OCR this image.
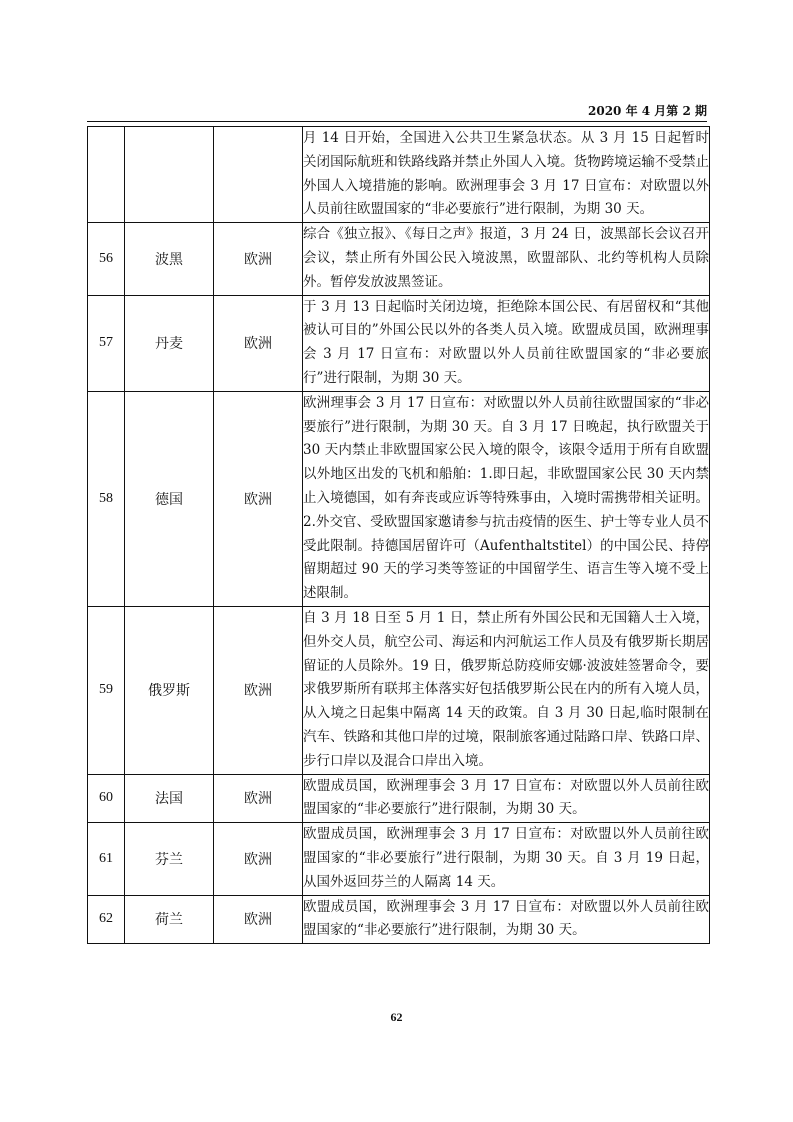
2020 年 4 月第 2 期
			月 14 日开始，全国进入公共卫生紧急状态。从 3 月 15 日起暂时关闭国际航班和铁路线路并禁止外国人入境。货物跨境运输不受禁止外国人入境措施的影响。欧洲理事会 3 月 17 日宣布：对欧盟以外人员前往欧盟国家的“非必要旅行”进行限制，为期 30 天。
56	波黑	欧洲	综合《独立报》、《每日之声》报道，3 月 24 日，波黑部长会议召开会议，禁止所有外国公民入境波黑，欧盟部队、北约等机构人员除外。暂停发放波黑签证。
57	丹麦	欧洲	于 3 月 13 日起临时关闭边境，拒绝除本国公民、有居留权和“其他被认可目的”外国公民以外的各类人员入境。欧盟成员国，欧洲理事会 3 月 17 日宣布：对欧盟以外人员前往欧盟国家的“非必要旅行”进行限制，为期 30 天。
58	德国	欧洲	欧洲理事会 3 月 17 日宣布：对欧盟以外人员前往欧盟国家的“非必要旅行”进行限制，为期 30 天。自 3 月 17 日晚起，执行欧盟关于 30 天内禁止非欧盟国家公民入境的限令，该限令适用于所有自欧盟以外地区出发的飞机和船舶：1.即日起，非欧盟国家公民 30 天内禁止入境德国，如有奔丧或应诉等特殊事由，入境时需携带相关证明。2.外交官、受欧盟国家邀请参与抗击疫情的医生、护士等专业人员不受此限制。持德国居留许可（Aufenthaltstitel）的中国公民、持停留期超过 90 天的学习类等签证的中国留学生、语言生等入境不受上述限制。
59	俄罗斯	欧洲	自 3 月 18 日至 5 月 1 日，禁止所有外国公民和无国籍人士入境，但外交人员，航空公司、海运和内河航运工作人员及有俄罗斯长期居留证的人员除外。19 日，俄罗斯总防疫师安娜·波波娃签署命令，要求俄罗斯所有联邦主体落实好包括俄罗斯公民在内的所有入境人员，从入境之日起集中隔离 14 天的政策。自 3 月 30 日起,临时限制在汽车、铁路和其他口岸的过境，限制旅客通过陆路口岸、铁路口岸、步行口岸以及混合口岸出入境。
60	法国	欧洲	欧盟成员国，欧洲理事会 3 月 17 日宣布：对欧盟以外人员前往欧盟国家的“非必要旅行”进行限制，为期 30 天。
61	芬兰	欧洲	欧盟成员国，欧洲理事会 3 月 17 日宣布：对欧盟以外人员前往欧盟国家的“非必要旅行”进行限制，为期 30 天。自 3 月 19 日起，从国外返回芬兰的人隔离 14 天。
62	荷兰	欧洲	欧盟成员国，欧洲理事会 3 月 17 日宣布：对欧盟以外人员前往欧盟国家的“非必要旅行”进行限制，为期 30 天。
62
